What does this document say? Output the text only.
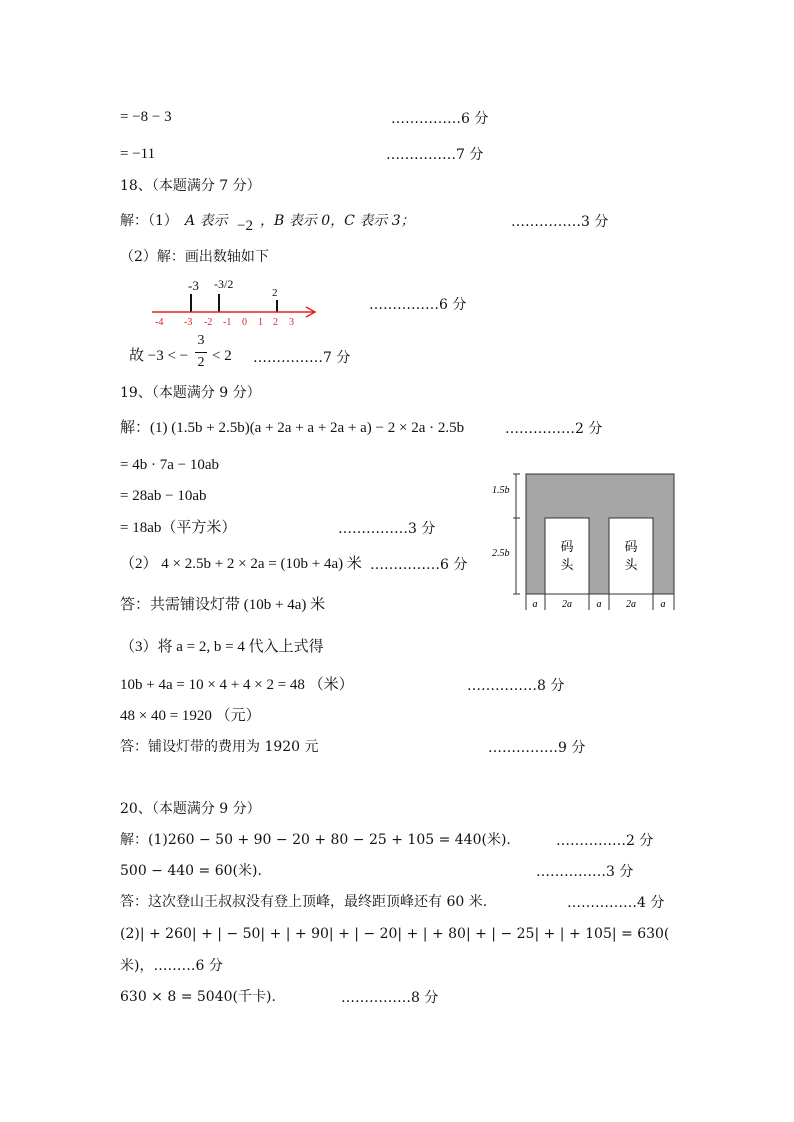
= −8 − 3	……………6 分
= −11	……………7 分
18、（本题满分 7 分）
解：（1） A 表示 −2 ，B 表示 0，C 表示 3；	……………3 分
（2）解：画出数轴如下
-3 -3/2
2
-4 -3 -2 -1 0 1 2 3
……………6 分
故 −3 < −
3
2 < 2 ……………7 分
19、（本题满分 9 分）
解：(1) (1.5b + 2.5b)(a + 2a + a + 2a + a) − 2 × 2a · 2.5b	……………2 分
= 4b · 7a − 10ab
= 28ab − 10ab
= 18ab（平方米）	……………3 分
（2） 4 × 2.5b + 2 × 2a = (10b + 4a) 米 ……………6 分
答：共需铺设灯带 (10b + 4a) 米
码
头
码
头
1.5b
2.5b
a 2a a 2a a
（3）将 a = 2, b = 4 代入上式得
10b + 4a = 10 × 4 + 4 × 2 = 48 （米）	……………8 分
48 × 40 = 1920 （元）
答：铺设灯带的费用为 1920 元	……………9 分
20、（本题满分 9 分）
解：(1)260 − 50 + 90 − 20 + 80 − 25 + 105 = 440(米).	……………2 分
500 − 440 = 60(米).	……………3 分
答：这次登山王叔叔没有登上顶峰，最终距顶峰还有 60 米.	……………4 分
(2)| + 260| + | − 50| + | + 90| + | − 20| + | + 80| + | − 25| + | + 105| = 630(
米)，………6 分
630 × 8 = 5040(千卡).	……………8 分
